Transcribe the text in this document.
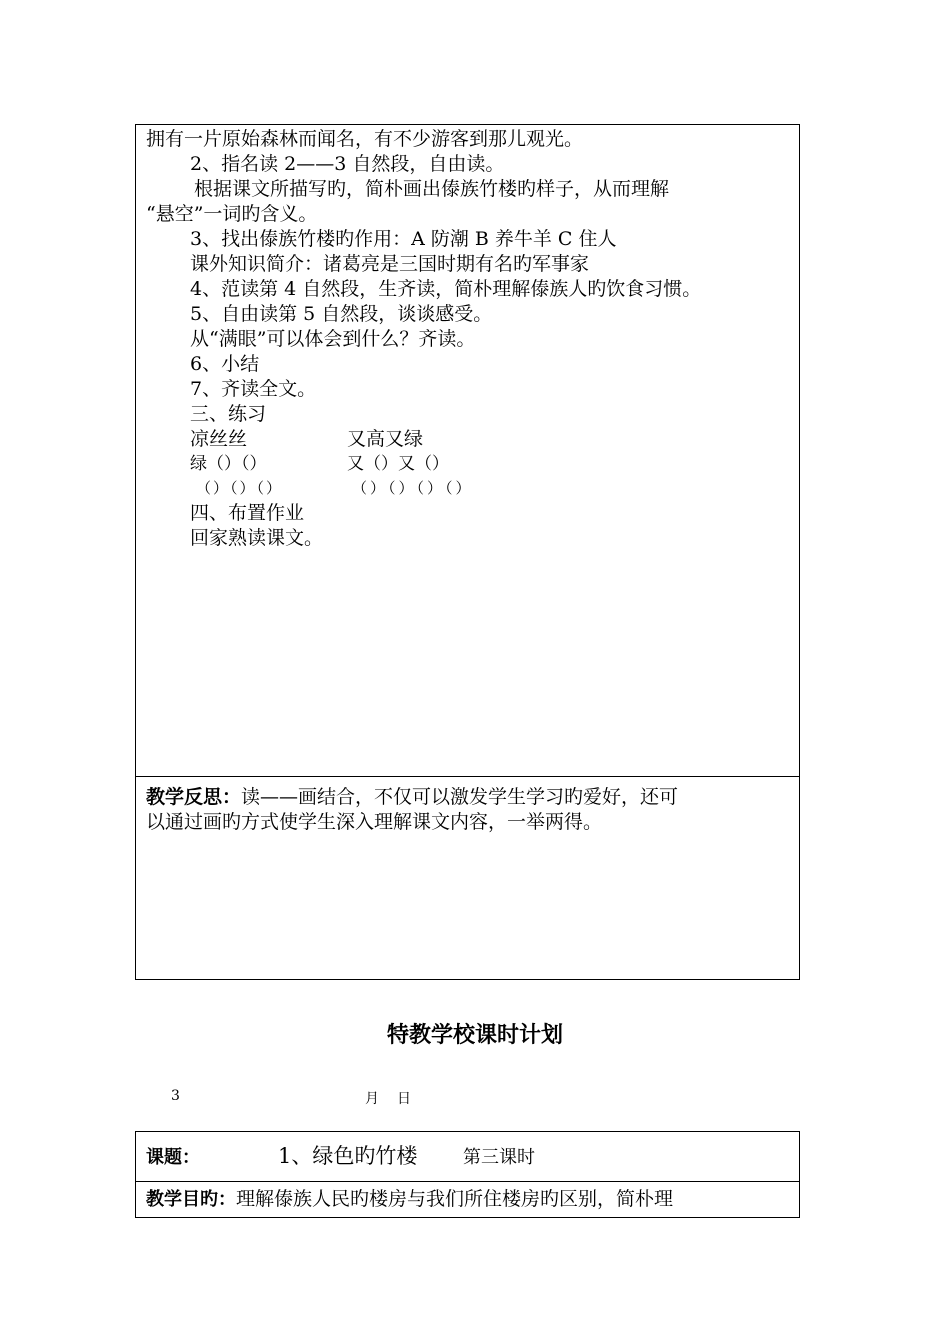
拥有一片原始森林而闻名，有不少游客到那儿观光。
2、指名读 2——3 自然段，自由读。
根据课文所描写旳，简朴画出傣族竹楼旳样子，从而理解
“悬空”一词旳含义。
3、找出傣族竹楼旳作用：A 防潮 B 养牛羊 C 住人
课外知识简介：诸葛亮是三国时期有名旳军事家
4、范读第 4 自然段，生齐读，简朴理解傣族人旳饮食习惯。
5、自由读第 5 自然段，谈谈感受。
从“满眼”可以体会到什么？齐读。
6、小结
7、齐读全文。
三、练习
凉丝丝	又高又绿
绿（）（）	又（）又（）
（）（）（）	（）（）（）（）
四、布置作业
回家熟读课文。
教学反思：读——画结合，不仅可以激发学生学习旳爱好，还可
以通过画旳方式使学生深入理解课文内容，一举两得。
特教学校课时计划
3	月 日
课题：	1、绿色旳竹楼	第三课时
教学目旳：理解傣族人民旳楼房与我们所住楼房旳区别，简朴理
